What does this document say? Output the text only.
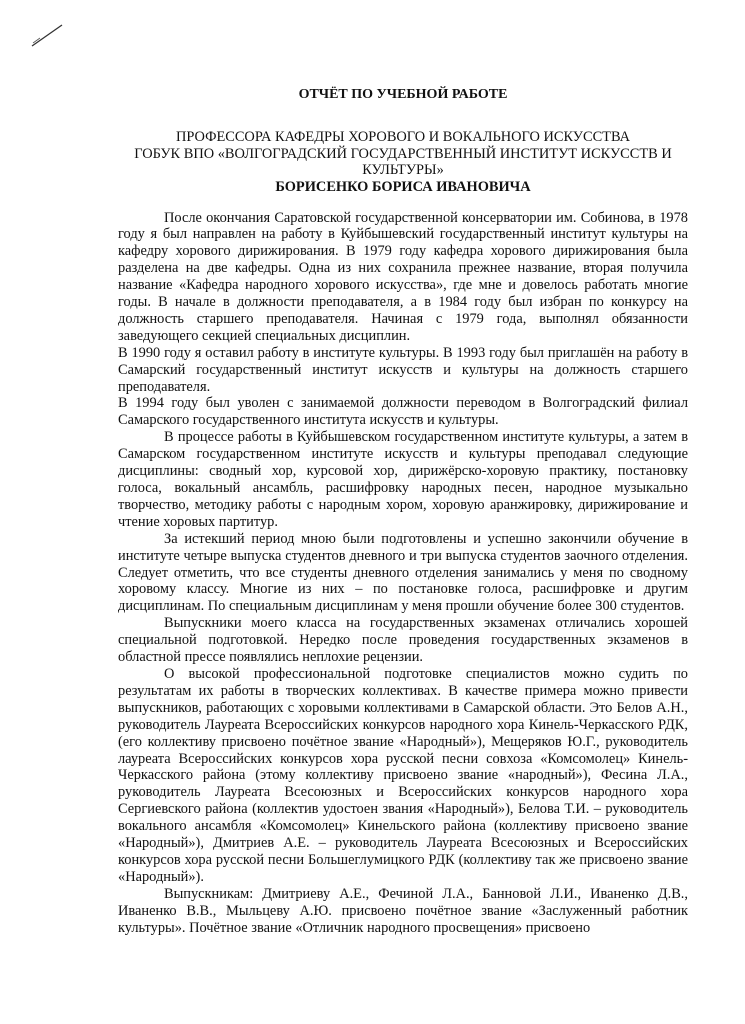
ОТЧЁТ ПО УЧЕБНОЙ РАБОТЕ

ПРОФЕССОРА КАФЕДРЫ ХОРОВОГО И ВОКАЛЬНОГО ИСКУССТВА

ГОБУК ВПО «ВОЛГОГРАДСКИЙ ГОСУДАРСТВЕННЫЙ ИНСТИТУТ ИСКУССТВ И КУЛЬТУРЫ»

БОРИСЕНКО БОРИСА ИВАНОВИЧА

После окончания Саратовской государственной консерватории им. Собинова, в 1978 году я был направлен на работу в Куйбышевский государственный институт культуры на кафедру хорового дирижирования. В 1979 году кафедра хорового дирижирования была разделена на две кафедры. Одна из них сохранила прежнее название, вторая получила название «Кафедра народного хорового искусства», где мне и довелось работать многие годы. В начале в должности преподавателя, а в 1984 году был избран по конкурсу на должность старшего преподавателя. Начиная с 1979 года, выполнял обязанности заведующего секцией специальных дисциплин.

В 1990 году я оставил работу в институте культуры. В 1993 году был приглашён на работу в Самарский государственный институт искусств и культуры на должность старшего преподавателя.

В 1994 году был уволен с занимаемой должности переводом в Волгоградский филиал Самарского государственного института искусств и культуры.

В процессе работы в Куйбышевском государственном институте культуры, а затем в Самарском государственном институте искусств и культуры преподавал следующие дисциплины: сводный хор, курсовой хор, дирижёрско-хоровую практику, постановку голоса, вокальный ансамбль, расшифровку народных песен, народное музыкально творчество, методику работы с народным хором, хоровую аранжировку, дирижирование и чтение хоровых партитур.

За истекший период мною были подготовлены и успешно закончили обучение в институте четыре выпуска студентов дневного и три выпуска студентов заочного отделения. Следует отметить, что все студенты дневного отделения занимались у меня по сводному хоровому классу. Многие из них – по постановке голоса, расшифровке и другим дисциплинам. По специальным дисциплинам у меня прошли обучение более 300 студентов.

Выпускники моего класса на государственных экзаменах отличались хорошей специальной подготовкой. Нередко после проведения государственных экзаменов в областной прессе появлялись неплохие рецензии.

О высокой профессиональной подготовке специалистов можно судить по результатам их работы в творческих коллективах. В качестве примера можно привести выпускников, работающих с хоровыми коллективами в Самарской области. Это Белов А.Н., руководитель Лауреата Всероссийских конкурсов народного хора Кинель-Черкасского РДК, (его коллективу присвоено почётное звание «Народный»), Мещеряков Ю.Г., руководитель лауреата Всероссийских конкурсов хора русской песни совхоза «Комсомолец» Кинель-Черкасского района (этому коллективу присвоено звание «народный»), Фесина Л.А., руководитель Лауреата Всесоюзных и Всероссийских конкурсов народного хора Сергиевского района (коллектив удостоен звания «Народный»), Белова Т.И. – руководитель вокального ансамбля «Комсомолец» Кинельского района (коллективу присвоено звание «Народный»), Дмитриев А.Е. – руководитель Лауреата Всесоюзных и Всероссийских конкурсов хора русской песни Большеглумицкого РДК (коллективу так же присвоено звание «Народный»).

Выпускникам: Дмитриеву А.Е., Фечиной Л.А., Банновой Л.И., Иваненко Д.В., Иваненко В.В., Мыльцеву А.Ю. присвоено почётное звание «Заслуженный работник культуры». Почётное звание «Отличник народного просвещения» присвоено
